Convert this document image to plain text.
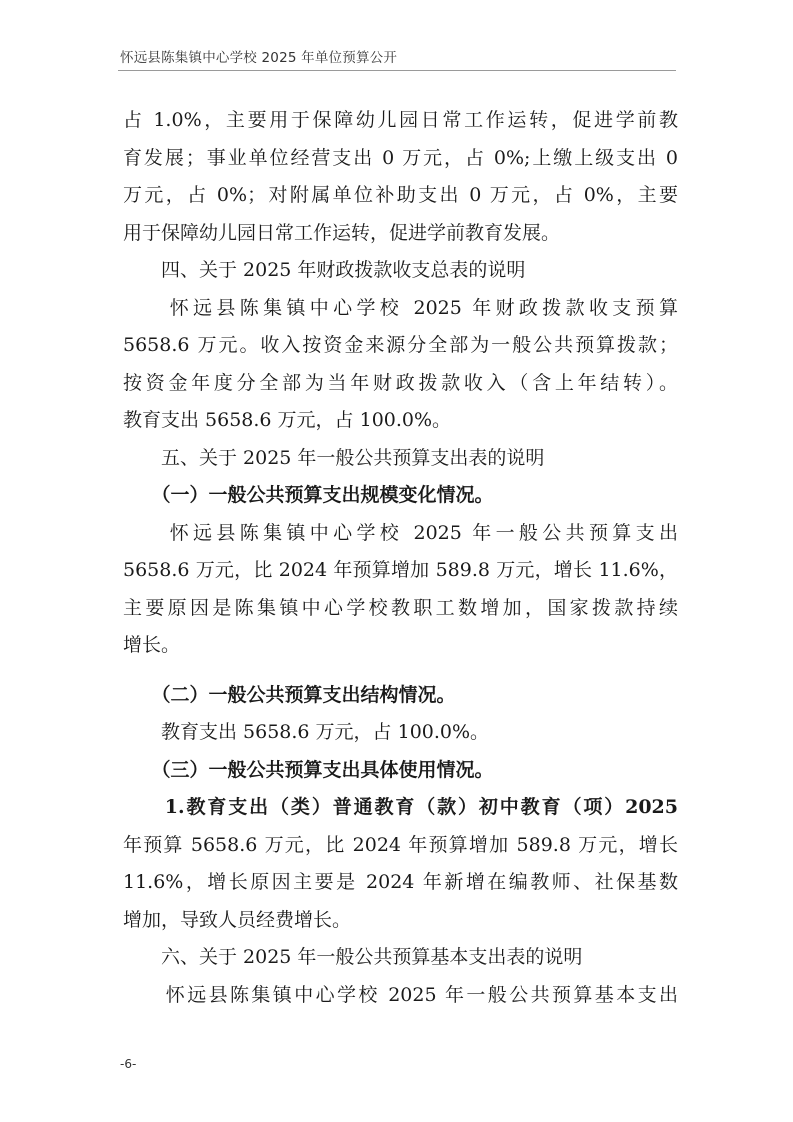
怀远县陈集镇中心学校 2025 年单位预算公开
占 1.0%，主要用于保障幼儿园日常工作运转，促进学前教
育发展；事业单位经营支出 0 万元，占 0%;上缴上级支出 0
万元，占 0%；对附属单位补助支出 0 万元，占 0%，主要
用于保障幼儿园日常工作运转，促进学前教育发展。
　　四、关于 2025 年财政拨款收支总表的说明
　　怀远县陈集镇中心学校 2025 年财政拨款收支预算
5658.6 万元。收入按资金来源分全部为一般公共预算拨款；
按资金年度分全部为当年财政拨款收入（含上年结转）。
教育支出 5658.6 万元，占 100.0%。
　　五、关于 2025 年一般公共预算支出表的说明
　　（一）一般公共预算支出规模变化情况。
　　怀远县陈集镇中心学校 2025 年一般公共预算支出
5658.6 万元，比 2024 年预算增加 589.8 万元，增长 11.6%，
主要原因是陈集镇中心学校教职工数增加，国家拨款持续
增长。
　　（二）一般公共预算支出结构情况。
　　教育支出 5658.6 万元，占 100.0%。
　　（三）一般公共预算支出具体使用情况。
　　1.教育支出（类）普通教育（款）初中教育（项）2025
年预算 5658.6 万元，比 2024 年预算增加 589.8 万元，增长
11.6%，增长原因主要是 2024 年新增在编教师、社保基数
增加，导致人员经费增长。
　　六、关于 2025 年一般公共预算基本支出表的说明
　　怀远县陈集镇中心学校 2025 年一般公共预算基本支出
-6-
